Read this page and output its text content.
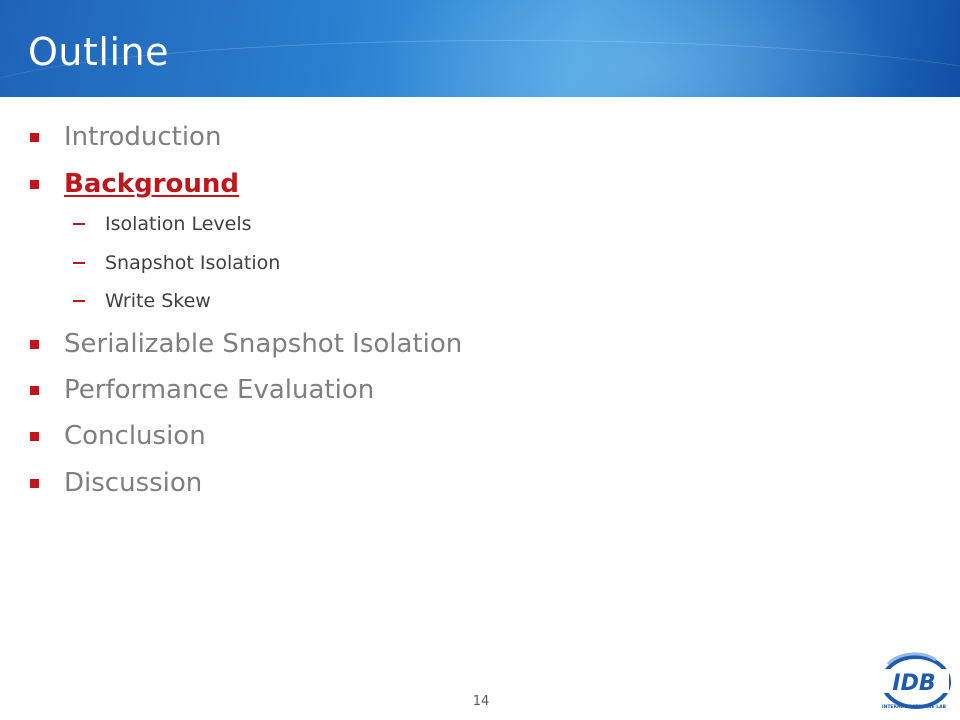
Outline
Introduction
Background
Isolation Levels
Snapshot Isolation
Write Skew
Serializable Snapshot Isolation
Performance Evaluation
Conclusion
Discussion
14
IDB
INTERNET DATABASE LAB
